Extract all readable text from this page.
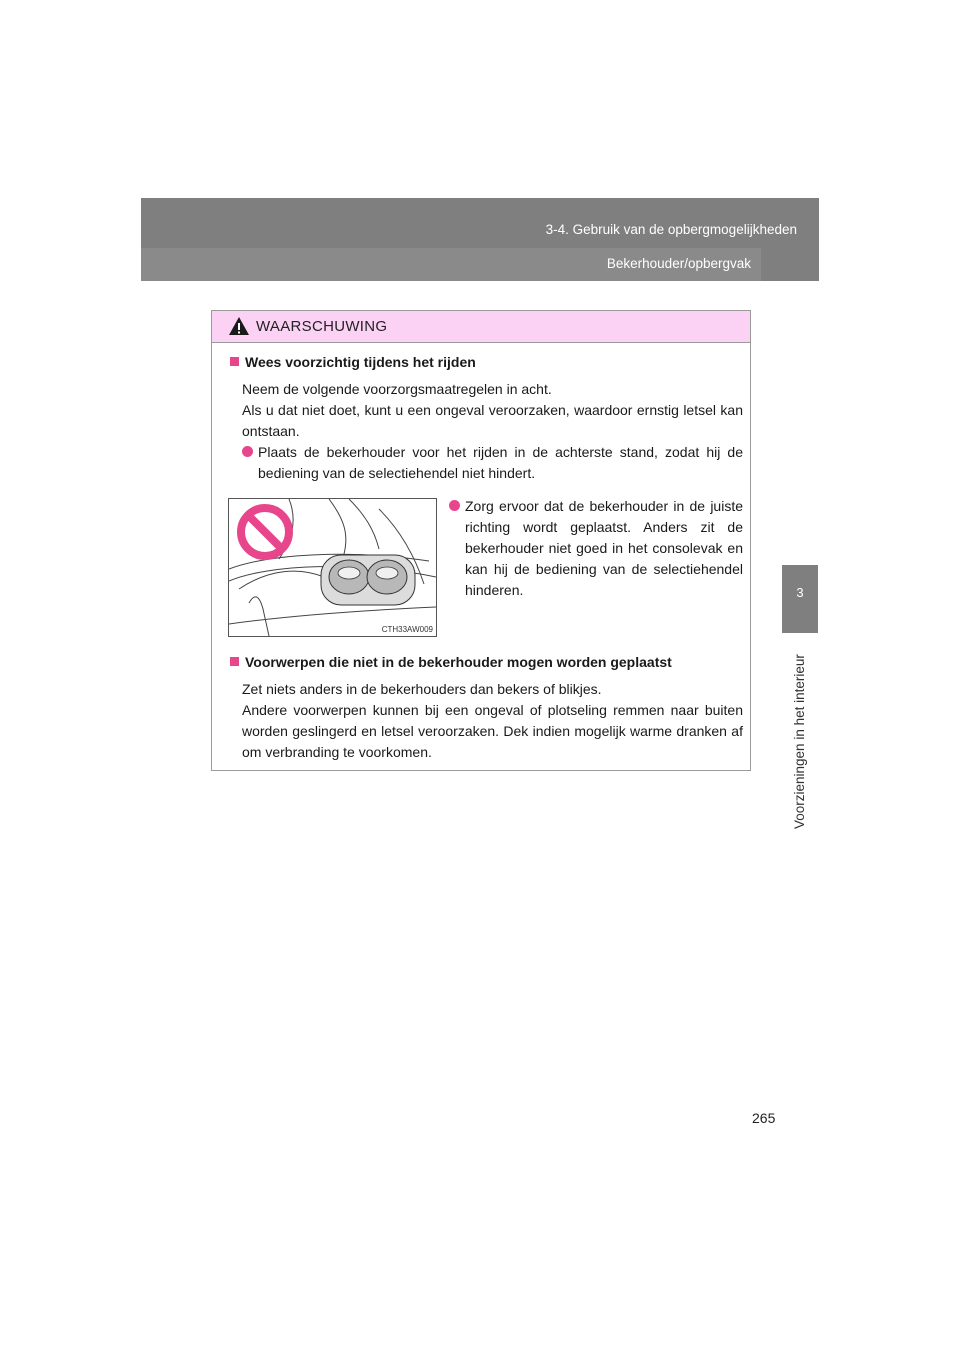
3-4. Gebruik van de opbergmogelijkheden
Bekerhouder/opbergvak
3
Voorzieningen in het interieur
WAARSCHUWING
Wees voorzichtig tijdens het rijden
Neem de volgende voorzorgsmaatregelen in acht.
Als u dat niet doet, kunt u een ongeval veroorzaken, waardoor ernstig letsel kan ontstaan.
Plaats de bekerhouder voor het rijden in de achterste stand, zodat hij de bediening van de selectiehendel niet hindert.
CTH33AW009
Zorg ervoor dat de bekerhouder in de juiste richting wordt geplaatst. Anders zit de bekerhouder niet goed in het consolevak en kan hij de bediening van de selectiehendel hinderen.
Voorwerpen die niet in de bekerhouder mogen worden geplaatst
Zet niets anders in de bekerhouders dan bekers of blikjes.
Andere voorwerpen kunnen bij een ongeval of plotseling remmen naar buiten worden geslingerd en letsel veroorzaken. Dek indien mogelijk warme dranken af om verbranding te voorkomen.
265
